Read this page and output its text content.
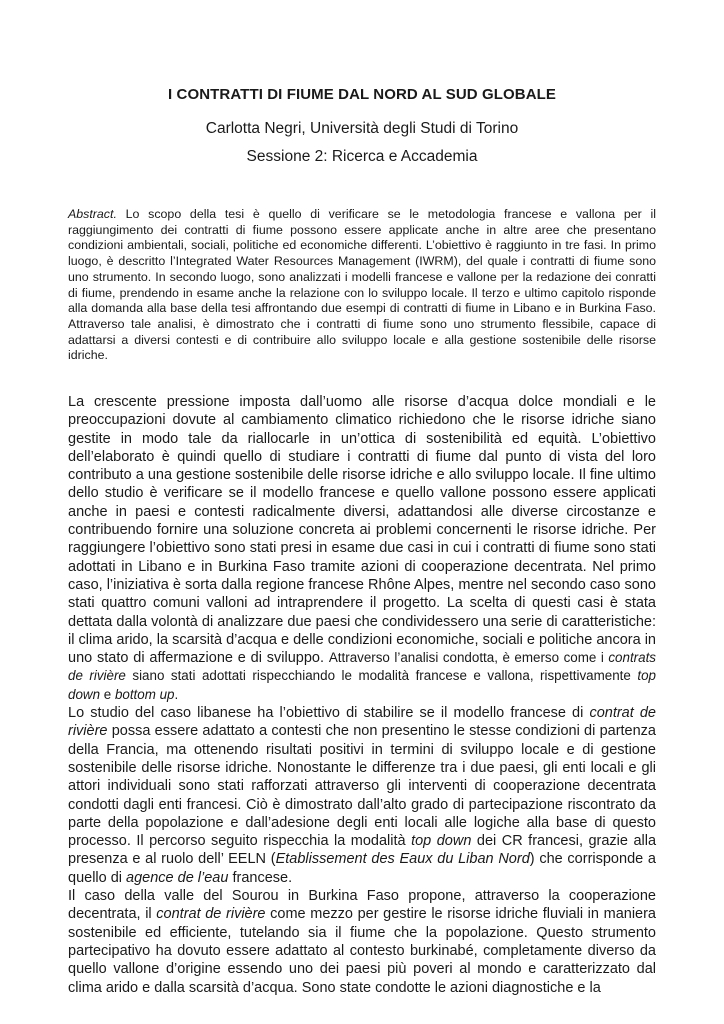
I CONTRATTI DI FIUME DAL NORD AL SUD GLOBALE
Carlotta Negri, Università degli Studi di Torino
Sessione 2: Ricerca e Accademia

Abstract. Lo scopo della tesi è quello di verificare se le metodologia francese e vallona per il raggiungimento dei contratti di fiume possono essere applicate anche in altre aree che presentano condizioni ambientali, sociali, politiche ed economiche differenti. L’obiettivo è raggiunto in tre fasi. In primo luogo, è descritto l’Integrated Water Resources Management (IWRM), del quale i contratti di fiume sono uno strumento. In secondo luogo, sono analizzati i modelli francese e vallone per la redazione dei conratti di fiume, prendendo in esame anche la relazione con lo sviluppo locale. Il terzo e ultimo capitolo risponde alla domanda alla base della tesi affrontando due esempi di contratti di fiume in Libano e in Burkina Faso. Attraverso tale analisi, è dimostrato che i contratti di fiume sono uno strumento flessibile, capace di adattarsi a diversi contesti e di contribuire allo sviluppo locale e alla gestione sostenibile delle risorse idriche.

La crescente pressione imposta dall’uomo alle risorse d’acqua dolce mondiali e le preoccupazioni dovute al cambiamento climatico richiedono che le risorse idriche siano gestite in modo tale da riallocarle in un’ottica di sostenibilità ed equità. L’obiettivo dell’elaborato è quindi quello di studiare i contratti di fiume dal punto di vista del loro contributo a una gestione sostenibile delle risorse idriche e allo sviluppo locale. Il fine ultimo dello studio è verificare se il modello francese e quello vallone possono essere applicati anche in paesi e contesti radicalmente diversi, adattandosi alle diverse circostanze e contribuendo fornire una soluzione concreta ai problemi concernenti le risorse idriche. Per raggiungere l’obiettivo sono stati presi in esame due casi in cui i contratti di fiume sono stati adottati in Libano e in Burkina Faso tramite azioni di cooperazione decentrata. Nel primo caso, l’iniziativa è sorta dalla regione francese Rhône Alpes, mentre nel secondo caso sono stati quattro comuni valloni ad intraprendere il progetto. La scelta di questi casi è stata dettata dalla volontà di analizzare due paesi che condividessero una serie di caratteristiche: il clima arido, la scarsità d’acqua e delle condizioni economiche, sociali e politiche ancora in uno stato di affermazione e di sviluppo. Attraverso l’analisi condotta, è emerso come i contrats de rivière siano stati adottati rispecchiando le modalità francese e vallona, rispettivamente top down e bottom up.

Lo studio del caso libanese ha l’obiettivo di stabilire se il modello francese di contrat de rivière possa essere adattato a contesti che non presentino le stesse condizioni di partenza della Francia, ma ottenendo risultati positivi in termini di sviluppo locale e di gestione sostenibile delle risorse idriche. Nonostante le differenze tra i due paesi, gli enti locali e gli attori individuali sono stati rafforzati attraverso gli interventi di cooperazione decentrata condotti dagli enti francesi. Ciò è dimostrato dall’alto grado di partecipazione riscontrato da parte della popolazione e dall’adesione degli enti locali alle logiche alla base di questo processo. Il percorso seguito rispecchia la modalità top down dei CR francesi, grazie alla presenza e al ruolo dell’ EELN (Etablissement des Eaux du Liban Nord) che corrisponde a quello di agence de l’eau francese.

Il caso della valle del Sourou in Burkina Faso propone, attraverso la cooperazione decentrata, il contrat de rivière come mezzo per gestire le risorse idriche fluviali in maniera sostenibile ed efficiente, tutelando sia il fiume che la popolazione. Questo strumento partecipativo ha dovuto essere adattato al contesto burkinabé, completamente diverso da quello vallone d’origine essendo uno dei paesi più poveri al mondo e caratterizzato dal clima arido e dalla scarsità d’acqua. Sono state condotte le azioni diagnostiche e la
